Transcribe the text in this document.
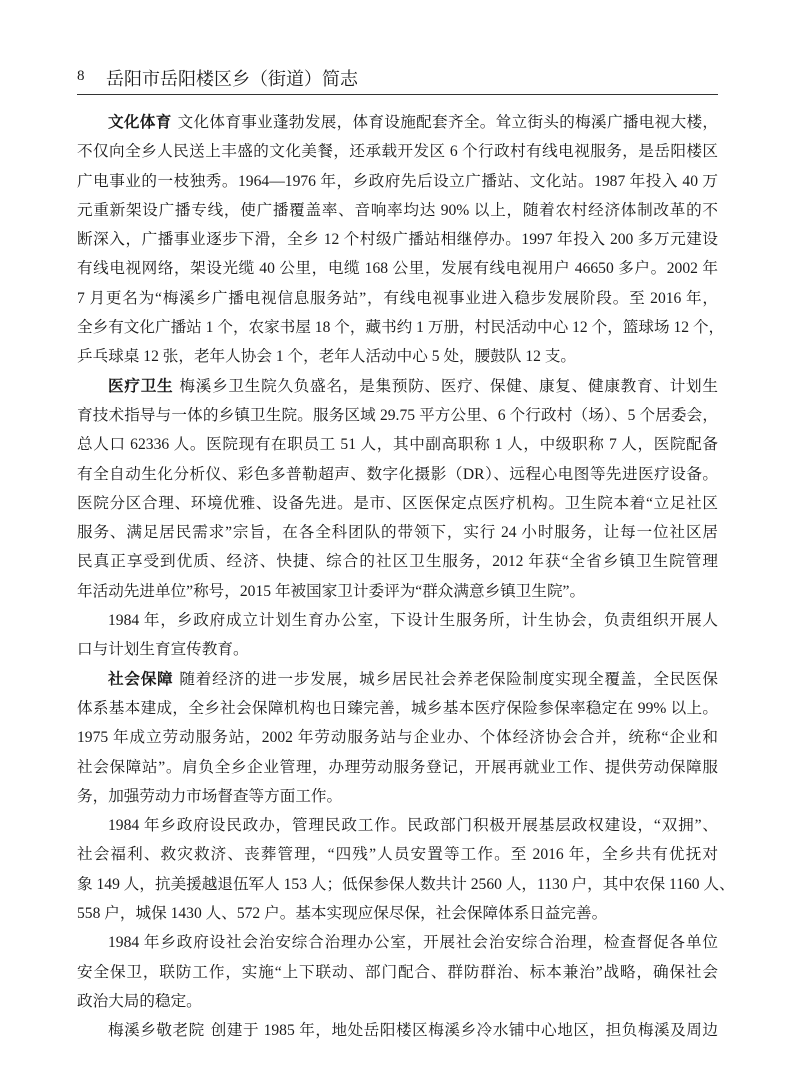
8 岳阳市岳阳楼区乡（街道）简志
文化体育 文化体育事业蓬勃发展，体育设施配套齐全。耸立街头的梅溪广播电视大楼，
不仅向全乡人民送上丰盛的文化美餐，还承载开发区 6 个行政村有线电视服务，是岳阳楼区
广电事业的一枝独秀。1964—1976 年，乡政府先后设立广播站、文化站。1987 年投入 40 万
元重新架设广播专线，使广播覆盖率、音响率均达 90% 以上，随着农村经济体制改革的不
断深入，广播事业逐步下滑，全乡 12 个村级广播站相继停办。1997 年投入 200 多万元建设
有线电视网络，架设光缆 40 公里，电缆 168 公里，发展有线电视用户 46650 多户。2002 年
7 月更名为“梅溪乡广播电视信息服务站”，有线电视事业进入稳步发展阶段。至 2016 年，
全乡有文化广播站 1 个，农家书屋 18 个，藏书约 1 万册，村民活动中心 12 个，篮球场 12 个，
乒乓球桌 12 张，老年人协会 1 个，老年人活动中心 5 处，腰鼓队 12 支。
医疗卫生 梅溪乡卫生院久负盛名，是集预防、医疗、保健、康复、健康教育、计划生
育技术指导与一体的乡镇卫生院。服务区域 29.75 平方公里、6 个行政村（场）、5 个居委会，
总人口 62336 人。医院现有在职员工 51 人，其中副高职称 1 人，中级职称 7 人，医院配备
有全自动生化分析仪、彩色多普勒超声、数字化摄影（DR）、远程心电图等先进医疗设备。
医院分区合理、环境优雅、设备先进。是市、区医保定点医疗机构。卫生院本着“立足社区
服务、满足居民需求”宗旨，在各全科团队的带领下，实行 24 小时服务，让每一位社区居
民真正享受到优质、经济、快捷、综合的社区卫生服务，2012 年获“全省乡镇卫生院管理
年活动先进单位”称号，2015 年被国家卫计委评为“群众满意乡镇卫生院”。
1984 年，乡政府成立计划生育办公室，下设计生服务所，计生协会，负责组织开展人
口与计划生育宣传教育。
社会保障 随着经济的进一步发展，城乡居民社会养老保险制度实现全覆盖，全民医保
体系基本建成，全乡社会保障机构也日臻完善，城乡基本医疗保险参保率稳定在 99% 以上。
1975 年成立劳动服务站，2002 年劳动服务站与企业办、个体经济协会合并，统称“企业和
社会保障站”。肩负全乡企业管理，办理劳动服务登记，开展再就业工作、提供劳动保障服
务，加强劳动力市场督查等方面工作。
1984 年乡政府设民政办，管理民政工作。民政部门积极开展基层政权建设，“双拥”、
社会福利、救灾救济、丧葬管理，“四残”人员安置等工作。至 2016 年，全乡共有优抚对
象 149 人，抗美援越退伍军人 153 人；低保参保人数共计 2560 人，1130 户，其中农保 1160 人、
558 户，城保 1430 人、572 户。基本实现应保尽保，社会保障体系日益完善。
1984 年乡政府设社会治安综合治理办公室，开展社会治安综合治理，检查督促各单位
安全保卫，联防工作，实施“上下联动、部门配合、群防群治、标本兼治”战略，确保社会
政治大局的稳定。
梅溪乡敬老院 创建于 1985 年，地处岳阳楼区梅溪乡冷水铺中心地区，担负梅溪及周边
